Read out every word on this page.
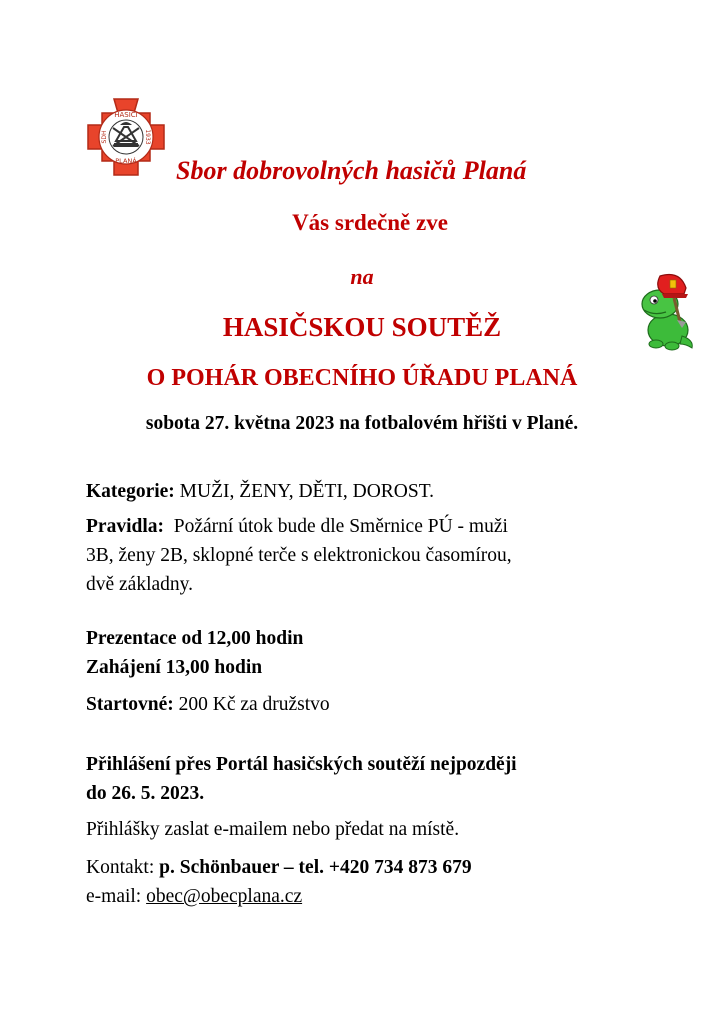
HASIČI
PLANÁ
SDH	1933
Sbor dobrovolných hasičů Planá
Vás srdečně zve
na
HASIČSKOU SOUTĚŽ
O POHÁR OBECNÍHO ÚŘADU PLANÁ
sobota 27. května 2023 na fotbalovém hřišti v Plané.
Kategorie: MUŽI, ŽENY, DĚTI, DOROST.
Pravidla:  Požární útok bude dle Směrnice PÚ - muži
3B, ženy 2B, sklopné terče s elektronickou časomírou,
dvě základny.
Prezentace od 12,00 hodin
Zahájení 13,00 hodin
Startovné: 200 Kč za družstvo
Přihlášení přes Portál hasičských soutěží nejpozději
do 26. 5. 2023.
Přihlášky zaslat e-mailem nebo předat na místě.
Kontakt: p. Schönbauer – tel. +420 734 873 679
e-mail: obec@obecplana.cz
